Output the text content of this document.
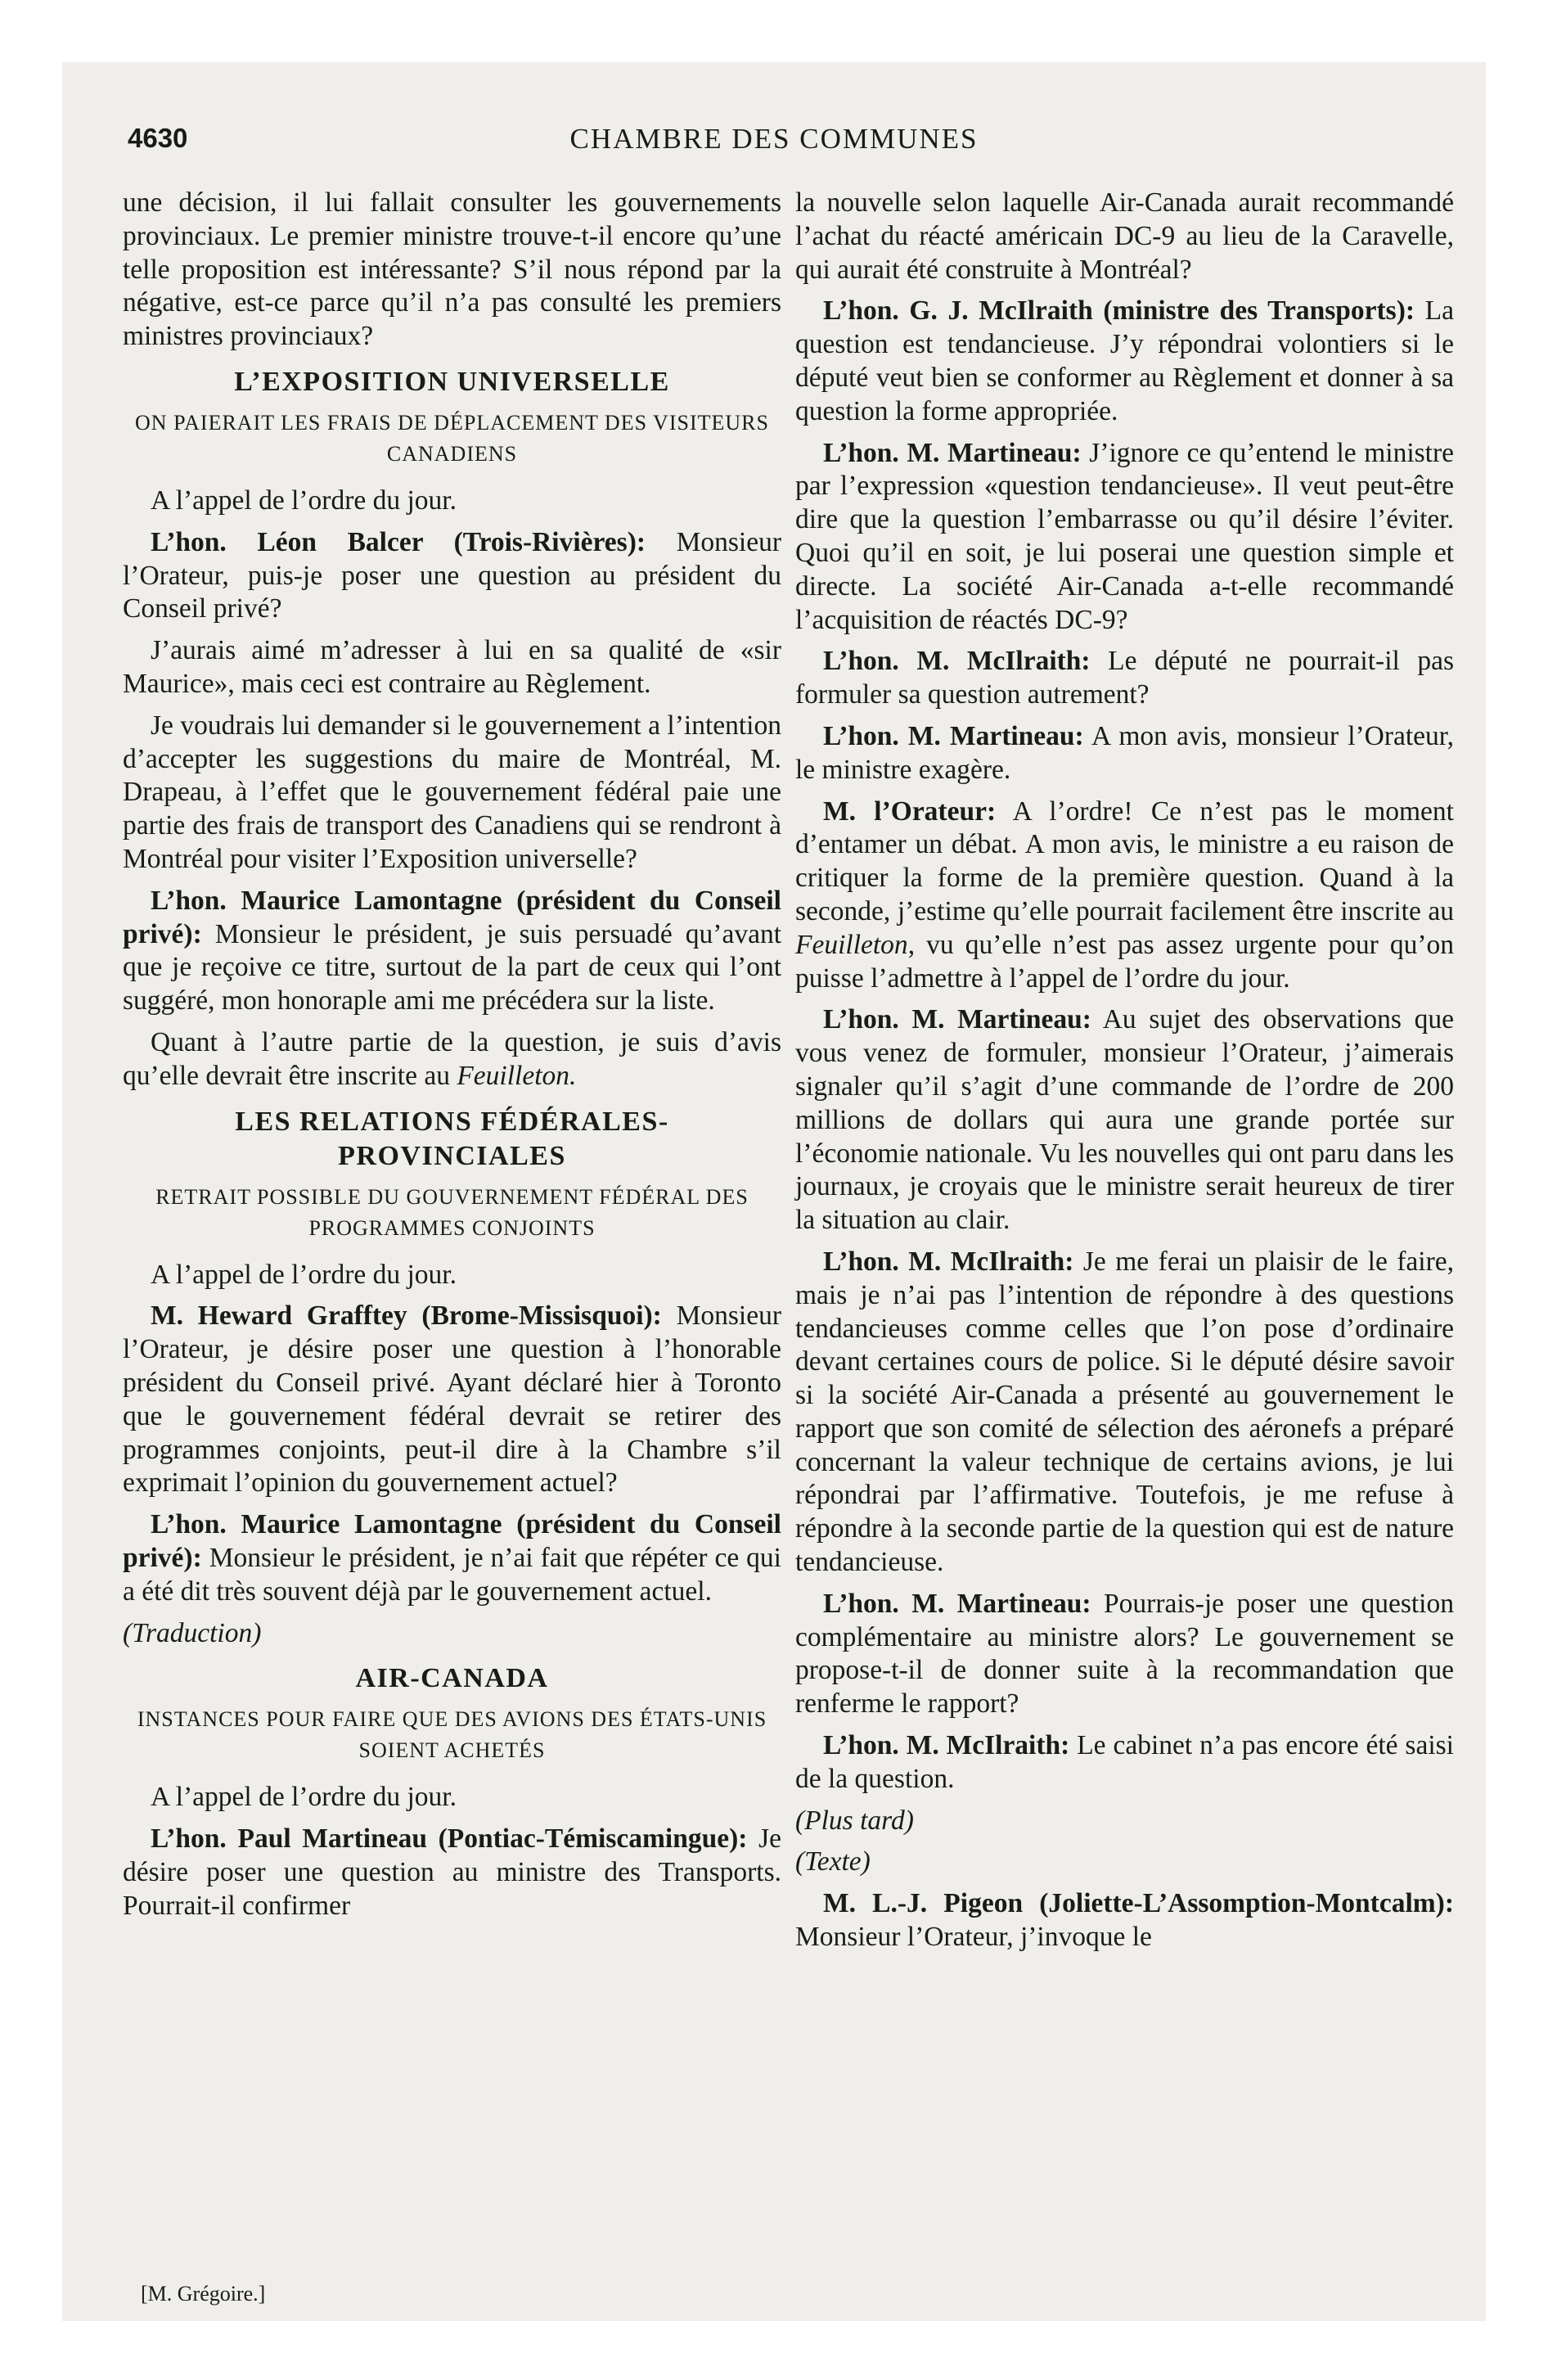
4630	CHAMBRE DES COMMUNES

une décision, il lui fallait consulter les gouvernements provinciaux. Le premier ministre trouve-t-il encore qu’une telle proposition est intéressante? S’il nous répond par la négative, est-ce parce qu’il n’a pas consulté les premiers ministres provinciaux?

L’EXPOSITION UNIVERSELLE
ON PAIERAIT LES FRAIS DE DÉPLACEMENT DES VISITEURS CANADIENS

A l’appel de l’ordre du jour.

L’hon. Léon Balcer (Trois-Rivières): Monsieur l’Orateur, puis-je poser une question au président du Conseil privé?

J’aurais aimé m’adresser à lui en sa qualité de «sir Maurice», mais ceci est contraire au Règlement.

Je voudrais lui demander si le gouvernement a l’intention d’accepter les suggestions du maire de Montréal, M. Drapeau, à l’effet que le gouvernement fédéral paie une partie des frais de transport des Canadiens qui se rendront à Montréal pour visiter l’Exposition universelle?

L’hon. Maurice Lamontagne (président du Conseil privé): Monsieur le président, je suis persuadé qu’avant que je reçoive ce titre, surtout de la part de ceux qui l’ont suggéré, mon honoraple ami me précédera sur la liste.

Quant à l’autre partie de la question, je suis d’avis qu’elle devrait être inscrite au Feuilleton.

LES RELATIONS FÉDÉRALES-PROVINCIALES
RETRAIT POSSIBLE DU GOUVERNEMENT FÉDÉRAL DES PROGRAMMES CONJOINTS

A l’appel de l’ordre du jour.

M. Heward Grafftey (Brome-Missisquoi): Monsieur l’Orateur, je désire poser une question à l’honorable président du Conseil privé. Ayant déclaré hier à Toronto que le gouvernement fédéral devrait se retirer des programmes conjoints, peut-il dire à la Chambre s’il exprimait l’opinion du gouvernement actuel?

L’hon. Maurice Lamontagne (président du Conseil privé): Monsieur le président, je n’ai fait que répéter ce qui a été dit très souvent déjà par le gouvernement actuel.

(Traduction)

AIR-CANADA
INSTANCES POUR FAIRE QUE DES AVIONS DES ÉTATS-UNIS SOIENT ACHETÉS

A l’appel de l’ordre du jour.

L’hon. Paul Martineau (Pontiac-Témiscamingue): Je désire poser une question au ministre des Transports. Pourrait-il confirmer

la nouvelle selon laquelle Air-Canada aurait recommandé l’achat du réacté américain DC-9 au lieu de la Caravelle, qui aurait été construite à Montréal?

L’hon. G. J. McIlraith (ministre des Transports): La question est tendancieuse. J’y répondrai volontiers si le député veut bien se conformer au Règlement et donner à sa question la forme appropriée.

L’hon. M. Martineau: J’ignore ce qu’entend le ministre par l’expression «question tendancieuse». Il veut peut-être dire que la question l’embarrasse ou qu’il désire l’éviter. Quoi qu’il en soit, je lui poserai une question simple et directe. La société Air-Canada a-t-elle recommandé l’acquisition de réactés DC-9?

L’hon. M. McIlraith: Le député ne pourrait-il pas formuler sa question autrement?

L’hon. M. Martineau: A mon avis, monsieur l’Orateur, le ministre exagère.

M. l’Orateur: A l’ordre! Ce n’est pas le moment d’entamer un débat. A mon avis, le ministre a eu raison de critiquer la forme de la première question. Quand à la seconde, j’estime qu’elle pourrait facilement être inscrite au Feuilleton, vu qu’elle n’est pas assez urgente pour qu’on puisse l’admettre à l’appel de l’ordre du jour.

L’hon. M. Martineau: Au sujet des observations que vous venez de formuler, monsieur l’Orateur, j’aimerais signaler qu’il s’agit d’une commande de l’ordre de 200 millions de dollars qui aura une grande portée sur l’économie nationale. Vu les nouvelles qui ont paru dans les journaux, je croyais que le ministre serait heureux de tirer la situation au clair.

L’hon. M. McIlraith: Je me ferai un plaisir de le faire, mais je n’ai pas l’intention de répondre à des questions tendancieuses comme celles que l’on pose d’ordinaire devant certaines cours de police. Si le député désire savoir si la société Air-Canada a présenté au gouvernement le rapport que son comité de sélection des aéronefs a préparé concernant la valeur technique de certains avions, je lui répondrai par l’affirmative. Toutefois, je me refuse à répondre à la seconde partie de la question qui est de nature tendancieuse.

L’hon. M. Martineau: Pourrais-je poser une question complémentaire au ministre alors? Le gouvernement se propose-t-il de donner suite à la recommandation que renferme le rapport?

L’hon. M. McIlraith: Le cabinet n’a pas encore été saisi de la question.

(Plus tard)

(Texte)

M. L.-J. Pigeon (Joliette-L’Assomption-Montcalm): Monsieur l’Orateur, j’invoque le

[M. Grégoire.]
